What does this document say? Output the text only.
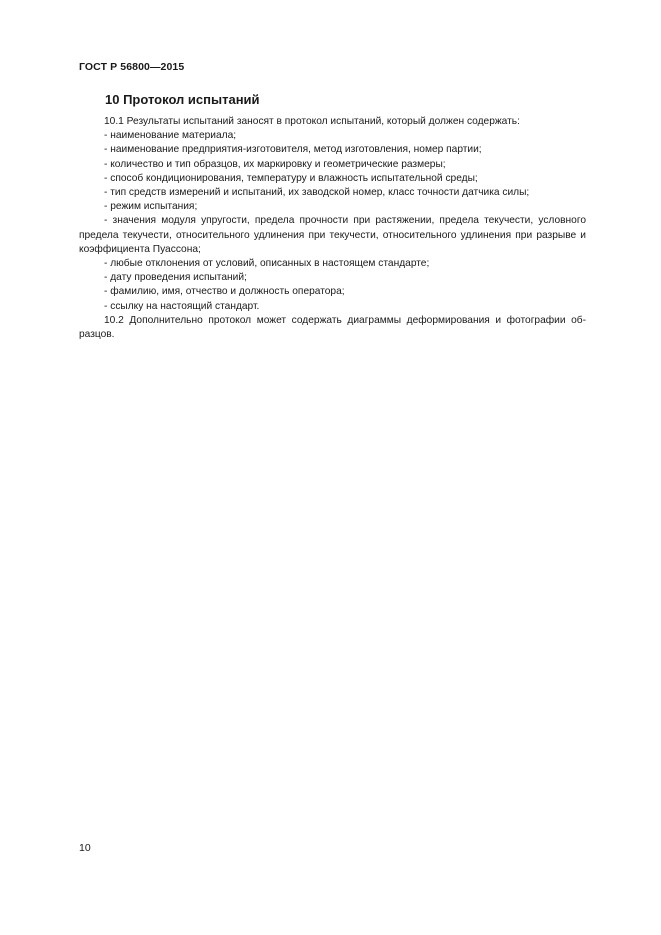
ГОСТ Р 56800—2015
10 Протокол испытаний

10.1 Результаты испытаний заносят в протокол испытаний, который должен содержать:

- наименование материала;

- наименование предприятия-изготовителя, метод изготовления, номер партии;

- количество и тип образцов, их маркировку и геометрические размеры;

- способ кондиционирования, температуру и влажность испытательной среды;

- тип средств измерений и испытаний, их заводской номер, класс точности датчика силы;

- режим испытания;

- значения модуля упругости, предела прочности при растяжении, предела текучести, условного предела текучести, относительного удлинения при текучести, относительного удлинения при разрыве и коэффициента Пуассона;

- любые отклонения от условий, описанных в настоящем стандарте;

- дату проведения испытаний;

- фамилию, имя, отчество и должность оператора;

- ссылку на настоящий стандарт.

10.2 Дополнительно протокол может содержать диаграммы деформирования и фотографии об-разцов.

10
